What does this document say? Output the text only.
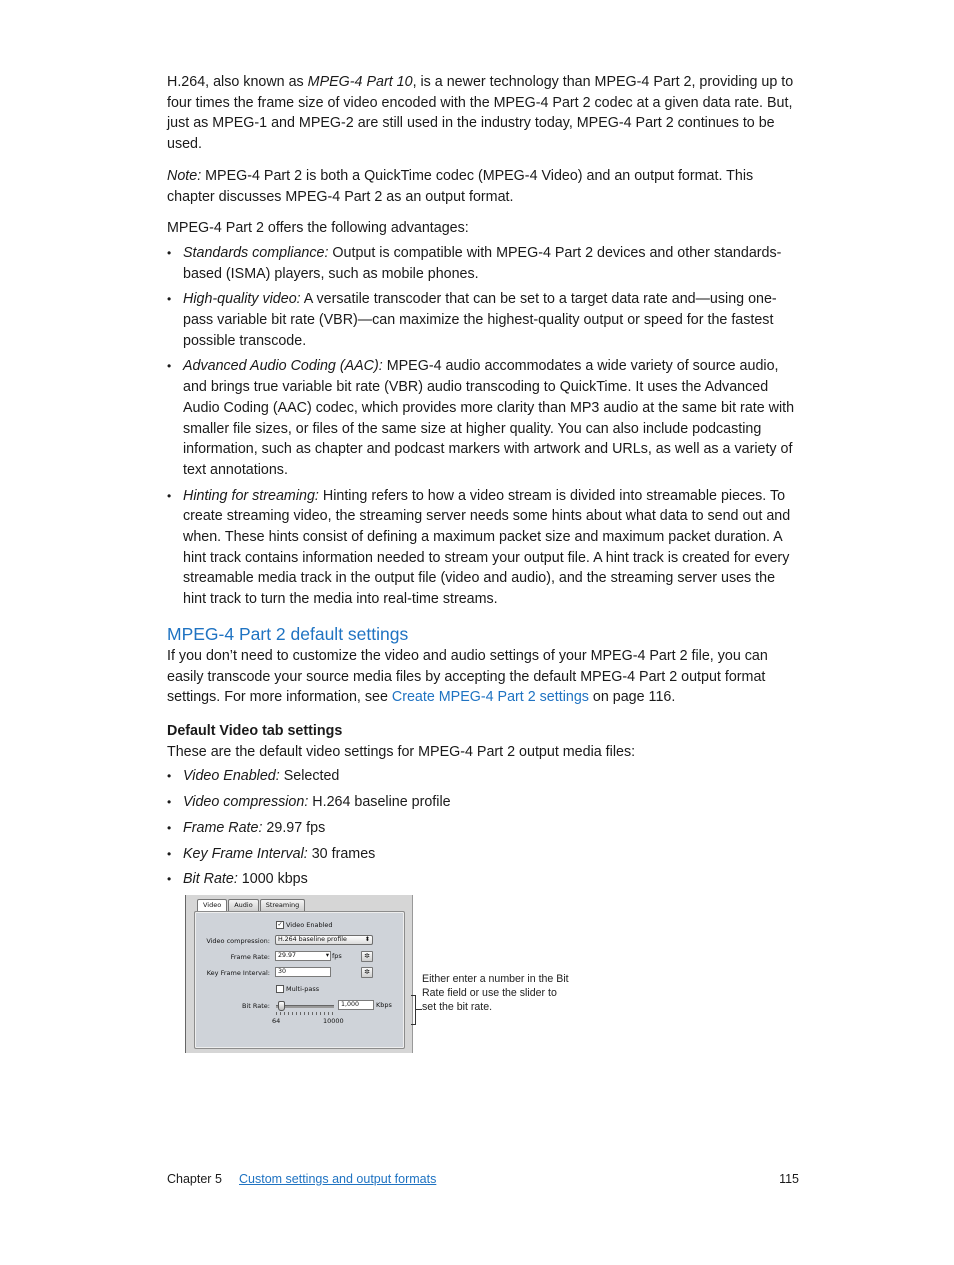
H.264, also known as MPEG-4 Part 10, is a newer technology than MPEG-4 Part 2, providing up to four times the frame size of video encoded with the MPEG-4 Part 2 codec at a given data rate. But, just as MPEG-1 and MPEG-2 are still used in the industry today, MPEG-4 Part 2 continues to be used.

Note: MPEG-4 Part 2 is both a QuickTime codec (MPEG-4 Video) and an output format. This chapter discusses MPEG-4 Part 2 as an output format.

MPEG-4 Part 2 offers the following advantages:

• Standards compliance: Output is compatible with MPEG-4 Part 2 devices and other standards-based (ISMA) players, such as mobile phones.
• High-quality video: A versatile transcoder that can be set to a target data rate and—using one-pass variable bit rate (VBR)—can maximize the highest-quality output or speed for the fastest possible transcode.
• Advanced Audio Coding (AAC): MPEG-4 audio accommodates a wide variety of source audio, and brings true variable bit rate (VBR) audio transcoding to QuickTime. It uses the Advanced Audio Coding (AAC) codec, which provides more clarity than MP3 audio at the same bit rate with smaller file sizes, or files of the same size at higher quality. You can also include podcasting information, such as chapter and podcast markers with artwork and URLs, as well as a variety of text annotations.
• Hinting for streaming: Hinting refers to how a video stream is divided into streamable pieces. To create streaming video, the streaming server needs some hints about what data to send out and when. These hints consist of defining a maximum packet size and maximum packet duration. A hint track contains information needed to stream your output file. A hint track is created for every streamable media track in the output file (video and audio), and the streaming server uses the hint track to turn the media into real-time streams.
MPEG-4 Part 2 default settings

If you don’t need to customize the video and audio settings of your MPEG-4 Part 2 file, you can easily transcode your source media files by accepting the default MPEG-4 Part 2 output format settings. For more information, see Create MPEG-4 Part 2 settings on page 116.

Default Video tab settings

These are the default video settings for MPEG-4 Part 2 output media files:

• Video Enabled: Selected
• Video compression: H.264 baseline profile
• Frame Rate: 29.97 fps
• Key Frame Interval: 30 frames
• Bit Rate: 1000 kbps
Video	Audio	Streaming
✓ Video Enabled
Video compression:	H.264 baseline profile	⬍
Frame Rate:	29.97	▾ fps	✲
Key Frame Interval:	30	✲
Multi-pass
Bit Rate:	1,000	Kbps
64	10000
Either enter a number in the Bit Rate field or use the slider to set the bit rate.
Chapter 5 Custom settings and output formats	115
